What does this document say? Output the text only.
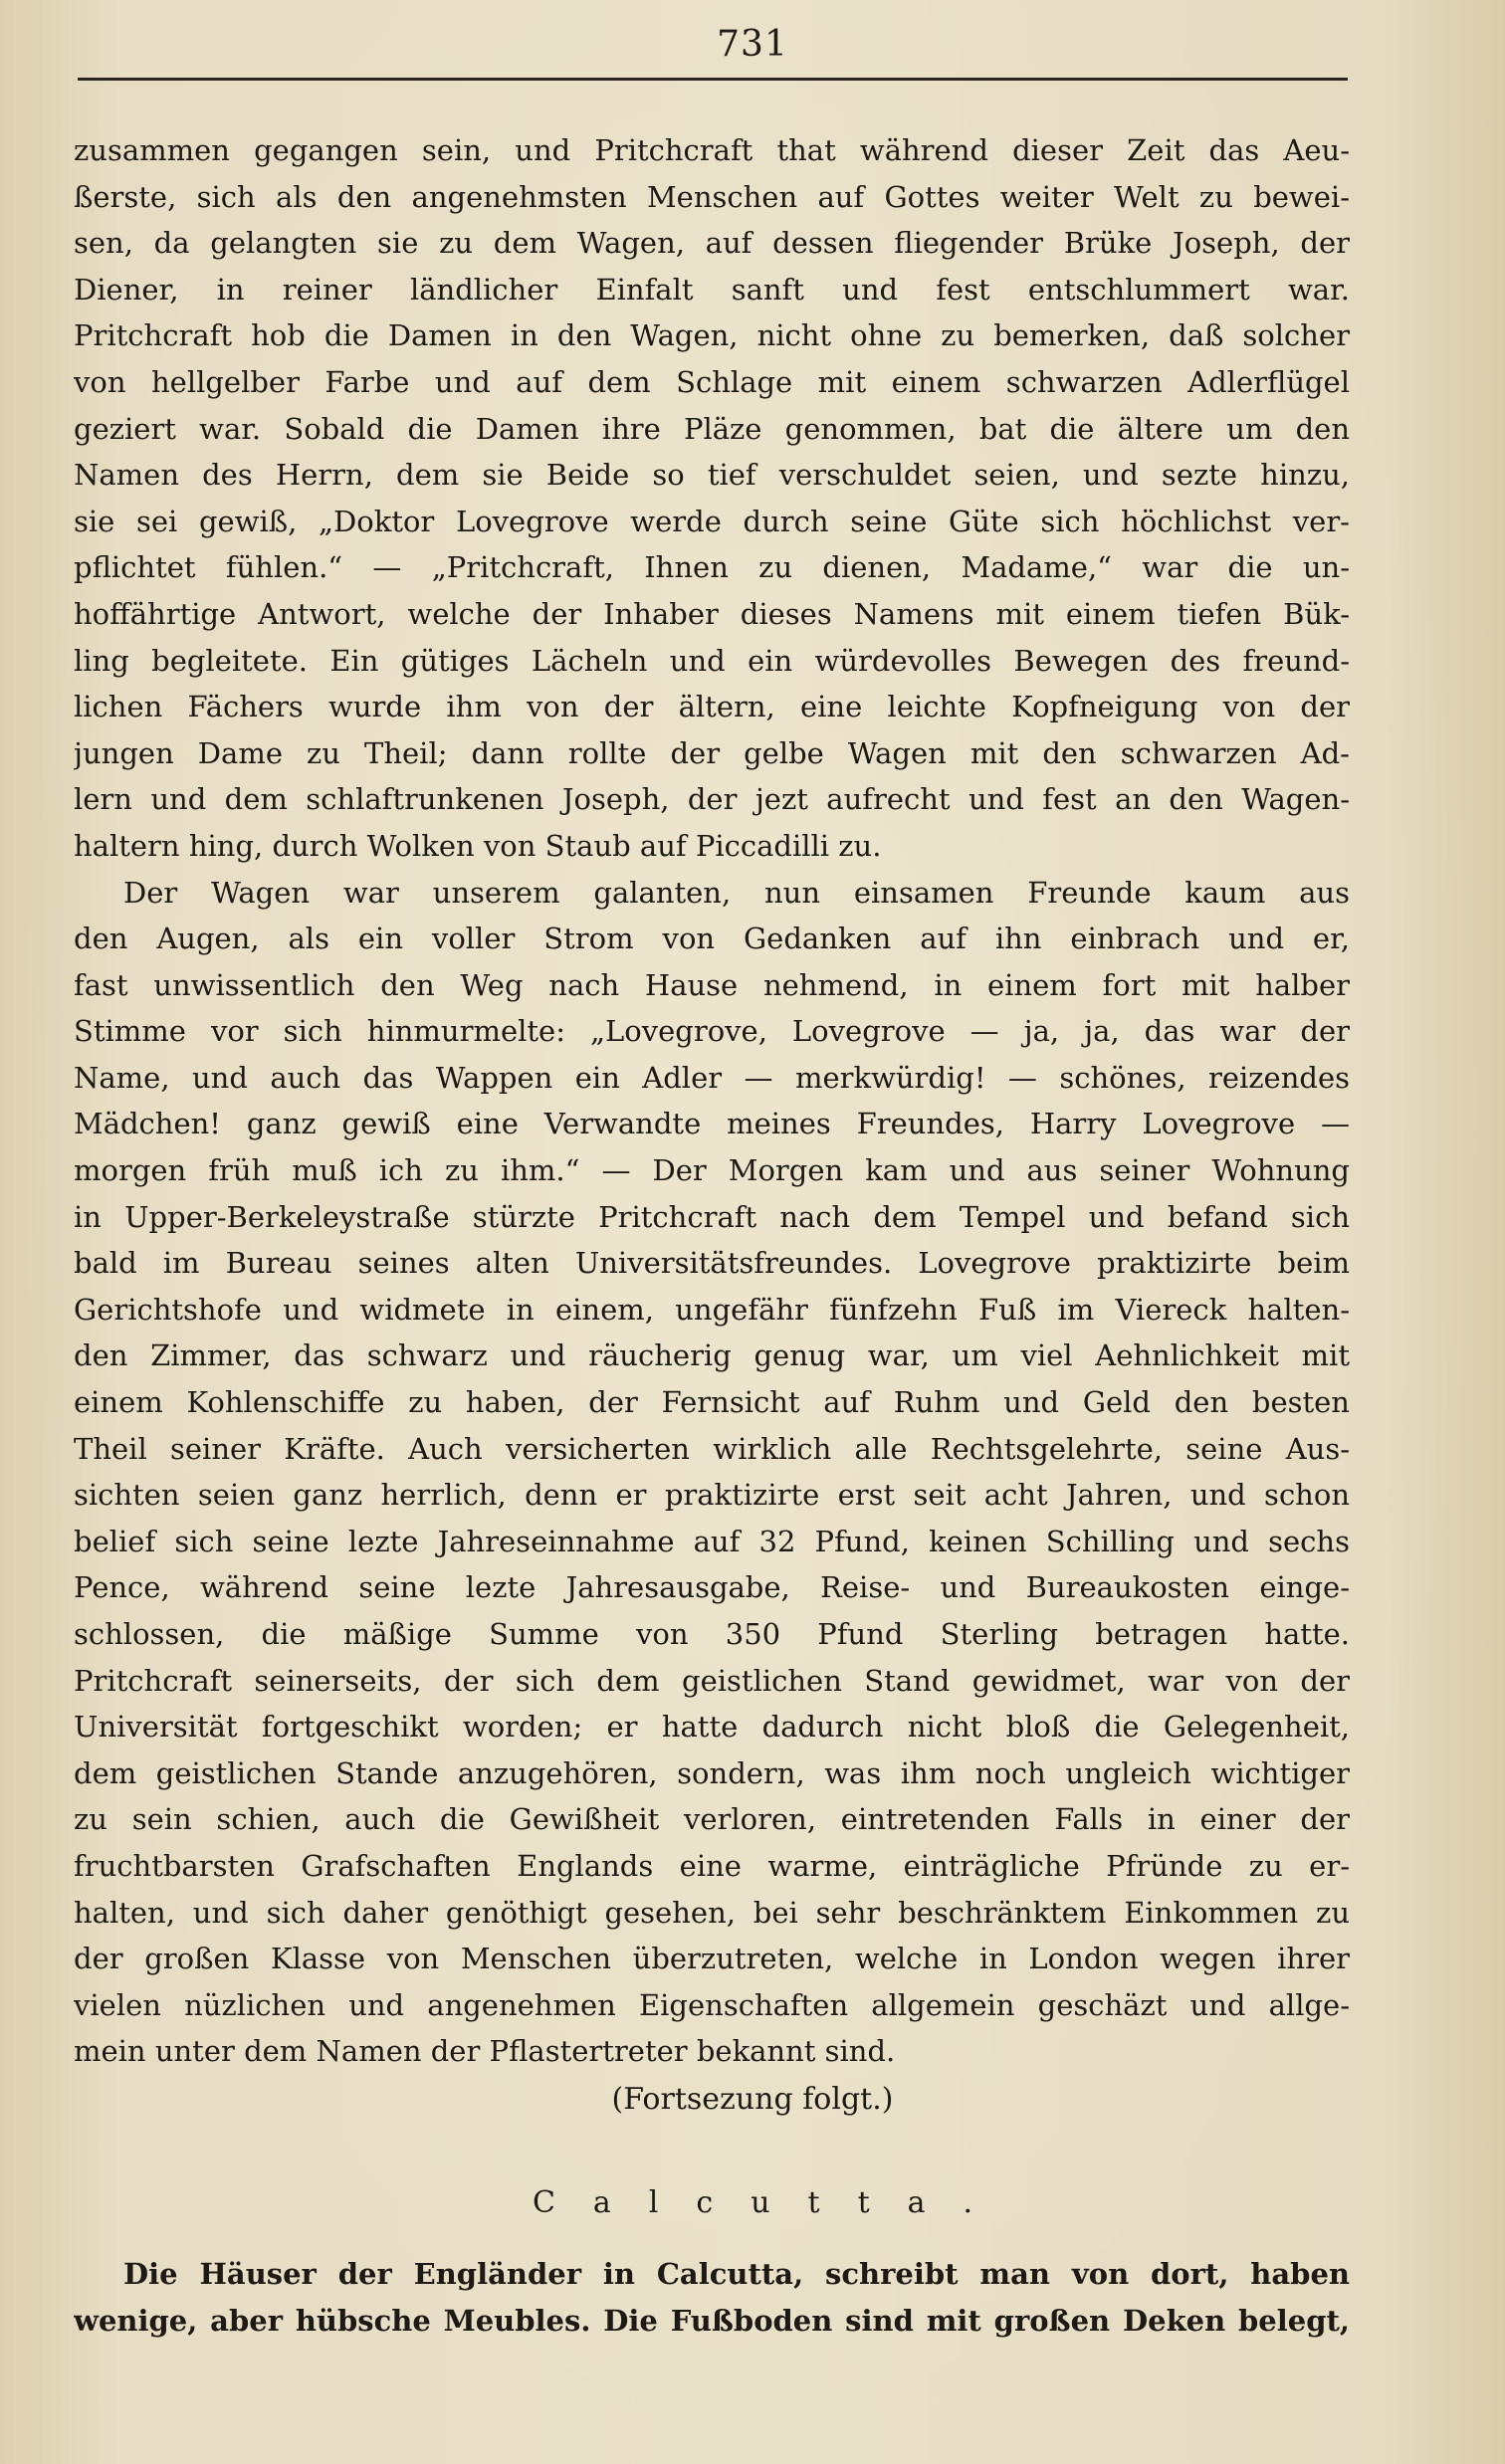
731
zusammen gegangen sein, und Pritchcraft that während dieser Zeit das Aeu-
ßerste, sich als den angenehmsten Menschen auf Gottes weiter Welt zu bewei-
sen, da gelangten sie zu dem Wagen, auf dessen fliegender Brüke Joseph, der
Diener, in reiner ländlicher Einfalt sanft und fest entschlummert war.
Pritchcraft hob die Damen in den Wagen, nicht ohne zu bemerken, daß solcher
von hellgelber Farbe und auf dem Schlage mit einem schwarzen Adlerflügel
geziert war. Sobald die Damen ihre Pläze genommen, bat die ältere um den
Namen des Herrn, dem sie Beide so tief verschuldet seien, und sezte hinzu,
sie sei gewiß, „Doktor Lovegrove werde durch seine Güte sich höchlichst ver-
pflichtet fühlen.“ — „Pritchcraft, Ihnen zu dienen, Madame,“ war die un-
hoffährtige Antwort, welche der Inhaber dieses Namens mit einem tiefen Bük-
ling begleitete. Ein gütiges Lächeln und ein würdevolles Bewegen des freund-
lichen Fächers wurde ihm von der ältern, eine leichte Kopfneigung von der
jungen Dame zu Theil; dann rollte der gelbe Wagen mit den schwarzen Ad-
lern und dem schlaftrunkenen Joseph, der jezt aufrecht und fest an den Wagen-
haltern hing, durch Wolken von Staub auf Piccadilli zu.
Der Wagen war unserem galanten, nun einsamen Freunde kaum aus
den Augen, als ein voller Strom von Gedanken auf ihn einbrach und er,
fast unwissentlich den Weg nach Hause nehmend, in einem fort mit halber
Stimme vor sich hinmurmelte: „Lovegrove, Lovegrove — ja, ja, das war der
Name, und auch das Wappen ein Adler — merkwürdig! — schönes, reizendes
Mädchen! ganz gewiß eine Verwandte meines Freundes, Harry Lovegrove —
morgen früh muß ich zu ihm.“ — Der Morgen kam und aus seiner Wohnung
in Upper-Berkeleystraße stürzte Pritchcraft nach dem Tempel und befand sich
bald im Bureau seines alten Universitätsfreundes. Lovegrove praktizirte beim
Gerichtshofe und widmete in einem, ungefähr fünfzehn Fuß im Viereck halten-
den Zimmer, das schwarz und räucherig genug war, um viel Aehnlichkeit mit
einem Kohlenschiffe zu haben, der Fernsicht auf Ruhm und Geld den besten
Theil seiner Kräfte. Auch versicherten wirklich alle Rechtsgelehrte, seine Aus-
sichten seien ganz herrlich, denn er praktizirte erst seit acht Jahren, und schon
belief sich seine lezte Jahreseinnahme auf 32 Pfund, keinen Schilling und sechs
Pence, während seine lezte Jahresausgabe, Reise- und Bureaukosten einge-
schlossen, die mäßige Summe von 350 Pfund Sterling betragen hatte.
Pritchcraft seinerseits, der sich dem geistlichen Stand gewidmet, war von der
Universität fortgeschikt worden; er hatte dadurch nicht bloß die Gelegenheit,
dem geistlichen Stande anzugehören, sondern, was ihm noch ungleich wichtiger
zu sein schien, auch die Gewißheit verloren, eintretenden Falls in einer der
fruchtbarsten Grafschaften Englands eine warme, einträgliche Pfründe zu er-
halten, und sich daher genöthigt gesehen, bei sehr beschränktem Einkommen zu
der großen Klasse von Menschen überzutreten, welche in London wegen ihrer
vielen nüzlichen und angenehmen Eigenschaften allgemein geschäzt und allge-
mein unter dem Namen der Pflastertreter bekannt sind.
(Fortsezung folgt.)
Calcutta.
Die Häuser der Engländer in Calcutta, schreibt man von dort, haben
wenige, aber hübsche Meubles. Die Fußboden sind mit großen Deken belegt,
